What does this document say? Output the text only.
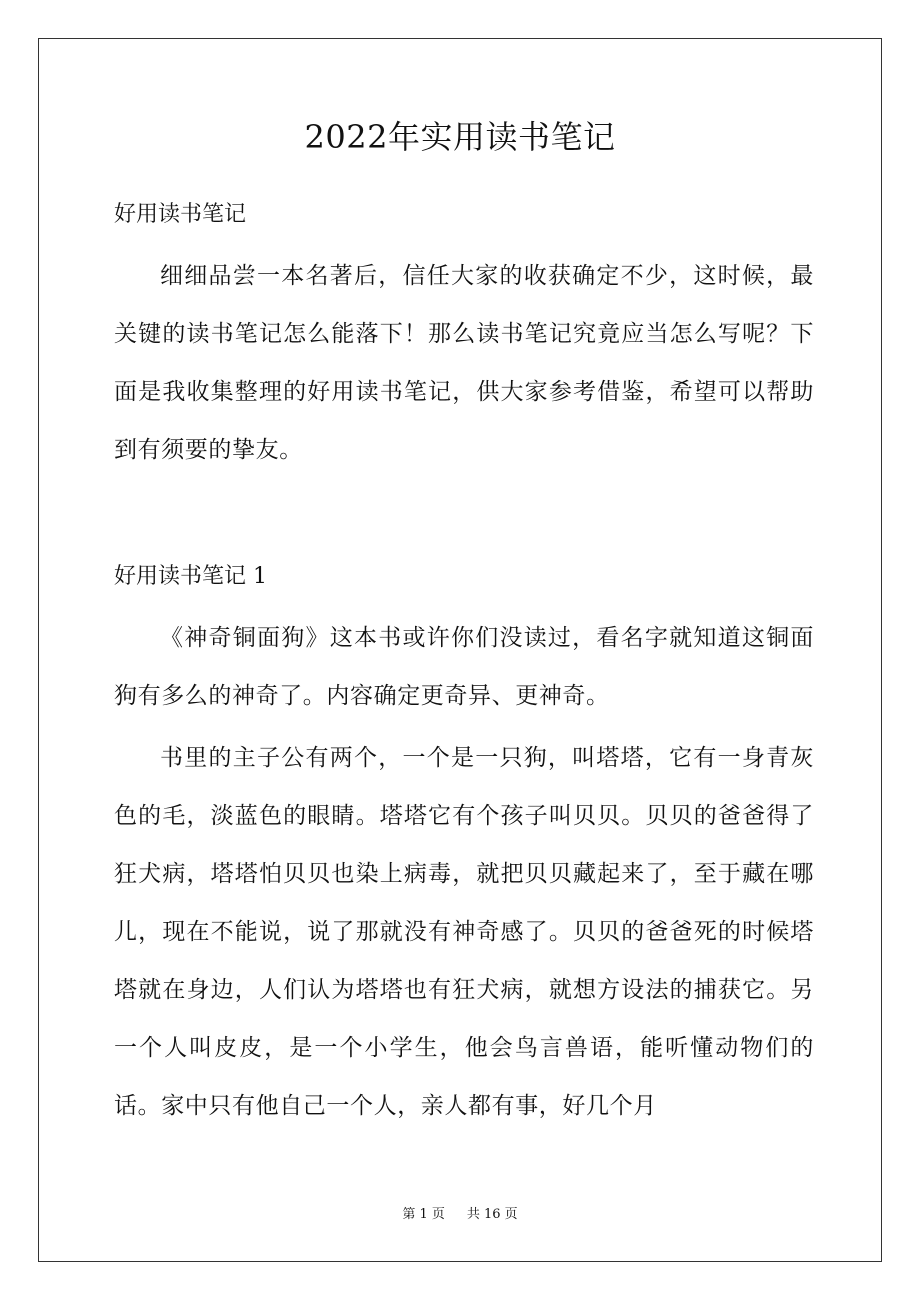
2022年实用读书笔记
好用读书笔记

细细品尝一本名著后，信任大家的收获确定不少，这时候，最关键的读书笔记怎么能落下！那么读书笔记究竟应当怎么写呢？下面是我收集整理的好用读书笔记，供大家参考借鉴，希望可以帮助到有须要的挚友。

好用读书笔记 1

《神奇铜面狗》这本书或许你们没读过，看名字就知道这铜面狗有多么的神奇了。内容确定更奇异、更神奇。

书里的主子公有两个，一个是一只狗，叫塔塔，它有一身青灰色的毛，淡蓝色的眼睛。塔塔它有个孩子叫贝贝。贝贝的爸爸得了狂犬病，塔塔怕贝贝也染上病毒，就把贝贝藏起来了，至于藏在哪儿，现在不能说，说了那就没有神奇感了。贝贝的爸爸死的时候塔塔就在身边，人们认为塔塔也有狂犬病，就想方设法的捕获它。另一个人叫皮皮，是一个小学生，他会鸟言兽语，能听懂动物们的话。家中只有他自己一个人，亲人都有事，好几个月

第 1 页 共 16 页
